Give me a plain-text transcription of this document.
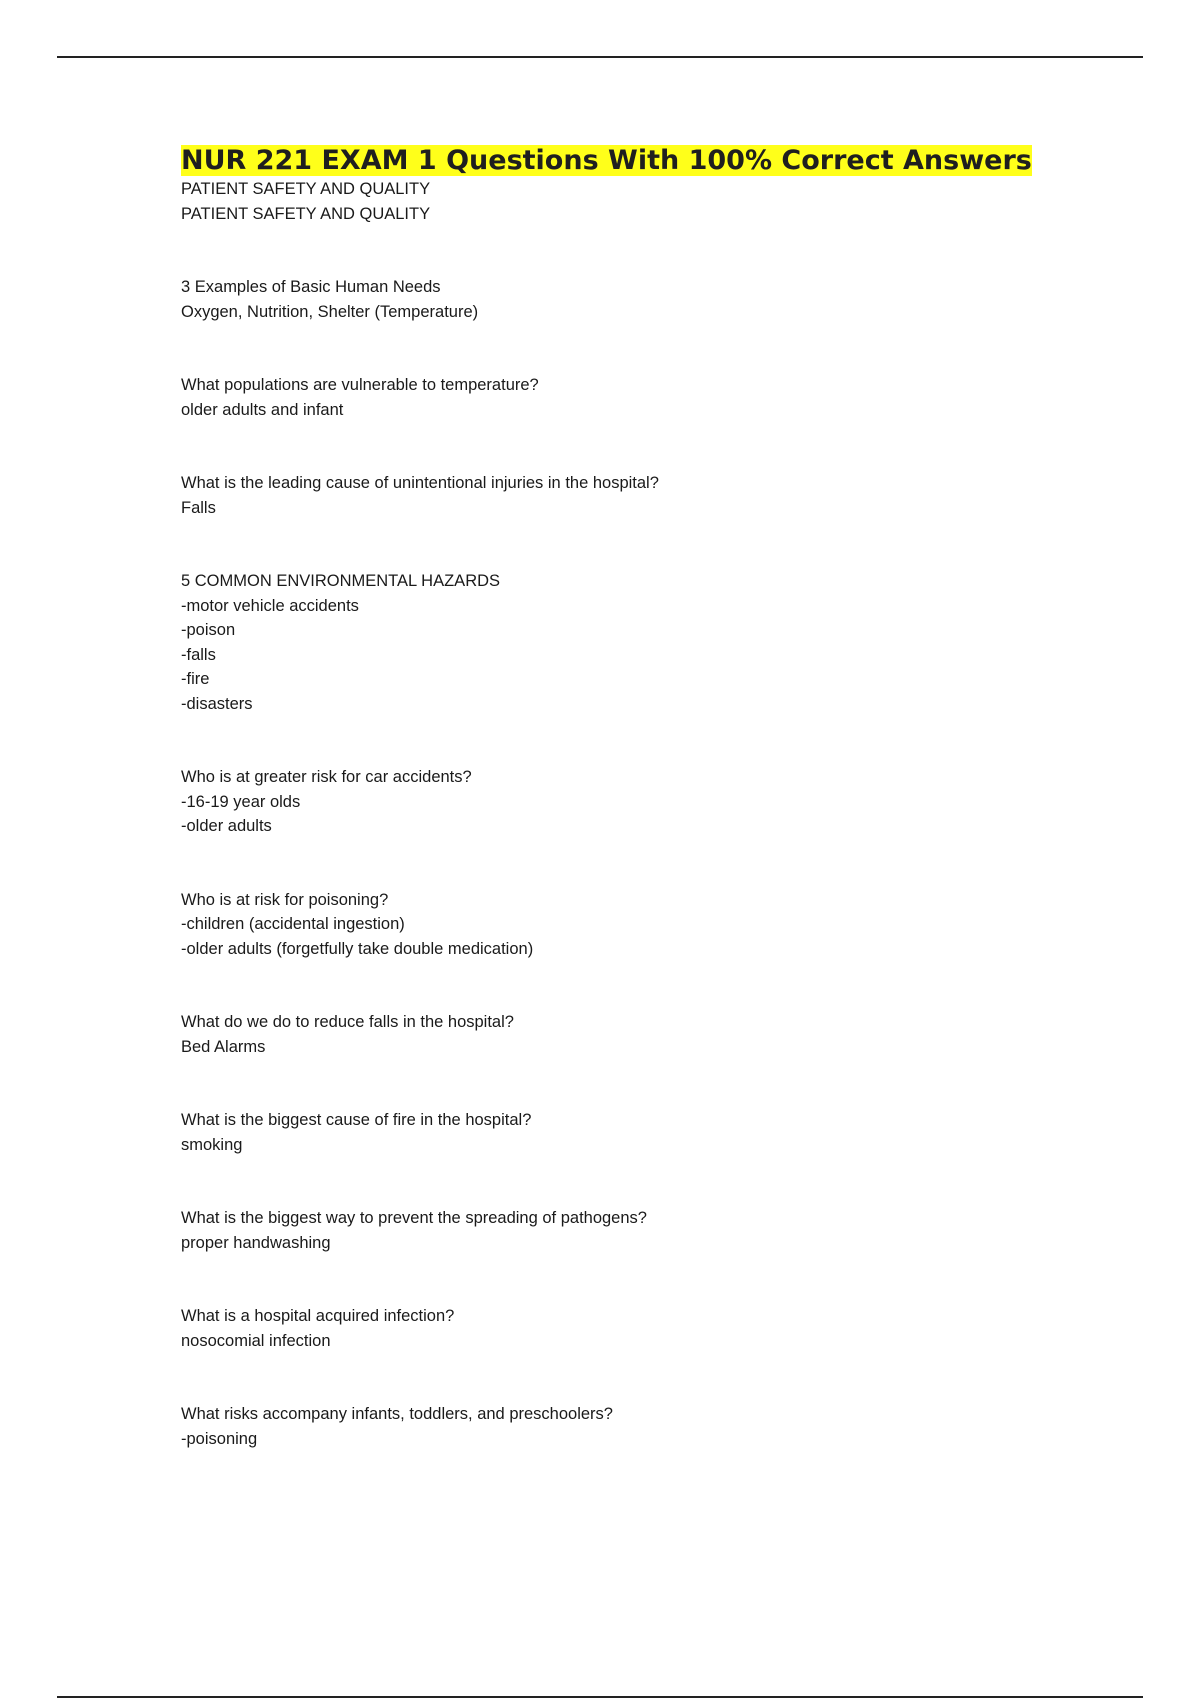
NUR 221 EXAM 1 Questions With 100% Correct Answers

PATIENT SAFETY AND QUALITY

PATIENT SAFETY AND QUALITY

3 Examples of Basic Human Needs

Oxygen, Nutrition, Shelter (Temperature)

What populations are vulnerable to temperature?

older adults and infant

What is the leading cause of unintentional injuries in the hospital?

Falls

5 COMMON ENVIRONMENTAL HAZARDS

-motor vehicle accidents

-poison

-falls

-fire

-disasters

Who is at greater risk for car accidents?

-16-19 year olds

-older adults

Who is at risk for poisoning?

-children (accidental ingestion)

-older adults (forgetfully take double medication)

What do we do to reduce falls in the hospital?

Bed Alarms

What is the biggest cause of fire in the hospital?

smoking

What is the biggest way to prevent the spreading of pathogens?

proper handwashing

What is a hospital acquired infection?

nosocomial infection

What risks accompany infants, toddlers, and preschoolers?

-poisoning
